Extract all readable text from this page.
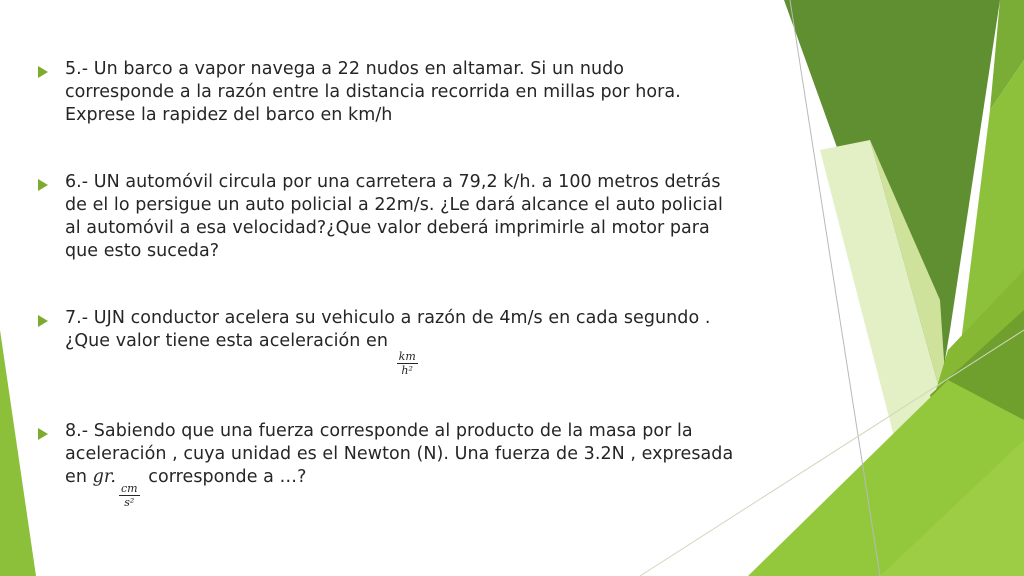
5.- Un barco a vapor navega a 22 nudos en altamar. Si un nudo corresponde a la razón entre la distancia recorrida en millas por hora. Exprese la rapidez del barco en km/h
6.- UN automóvil circula por una carretera a 79,2 k/h. a 100 metros detrás de el lo persigue un auto policial a 22m/s. ¿Le dará alcance el auto policial al automóvil a esa velocidad?¿Que valor deberá imprimirle al motor para que esto suceda?
7.- UJN conductor acelera su vehiculo a razón de 4m/s en cada segundo .¿Que valor tiene esta aceleración en
$\frac{km}{\text{h²}}$
8.- Sabiendo que una fuerza corresponde al producto de la masa por la aceleración , cuya unidad es el Newton (N). Una fuerza de 3.2N , expresada en gr.
$\frac{cm}{\text{s²}}$
corresponde a …?
